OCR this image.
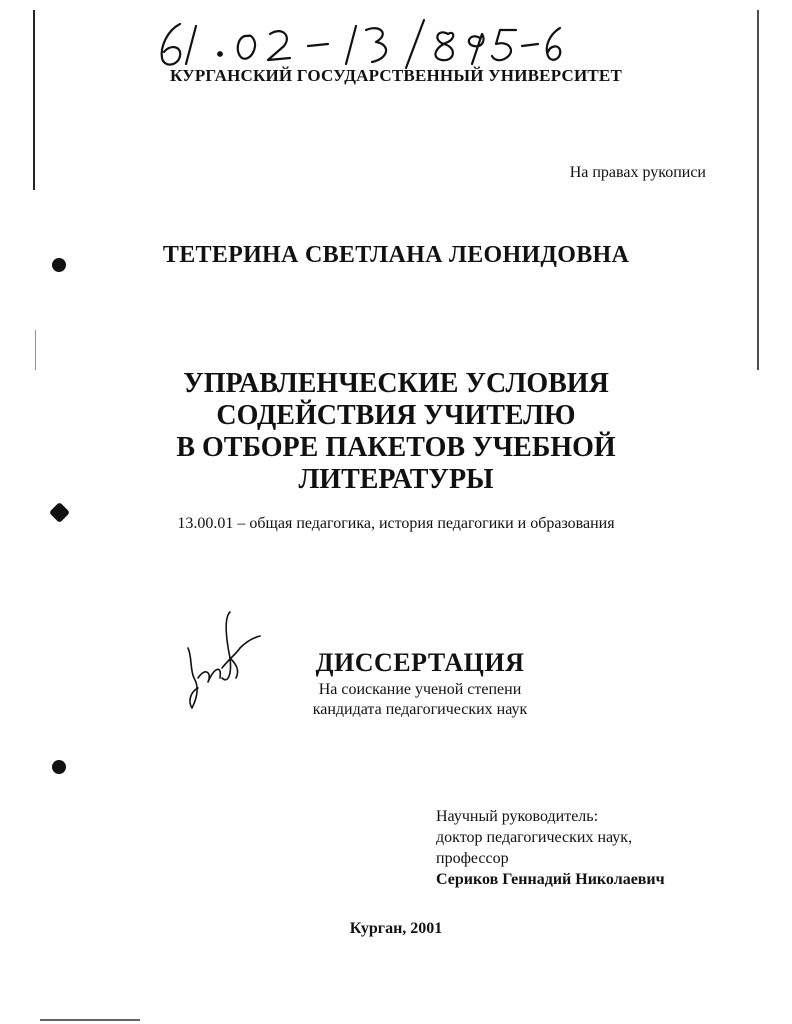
КУРГАНСКИЙ ГОСУДАРСТВЕННЫЙ УНИВЕРСИТЕТ
На правах рукописи
ТЕТЕРИНА СВЕТЛАНА ЛЕОНИДОВНА
УПРАВЛЕНЧЕСКИЕ УСЛОВИЯ
СОДЕЙСТВИЯ УЧИТЕЛЮ
В ОТБОРЕ ПАКЕТОВ УЧЕБНОЙ
ЛИТЕРАТУРЫ
13.00.01 – общая педагогика, история педагогики и образования
ДИССЕРТАЦИЯ
На соискание ученой степени
кандидата педагогических наук
Научный руководитель:
доктор педагогических наук,
профессор
Сериков Геннадий Николаевич
Курган, 2001
